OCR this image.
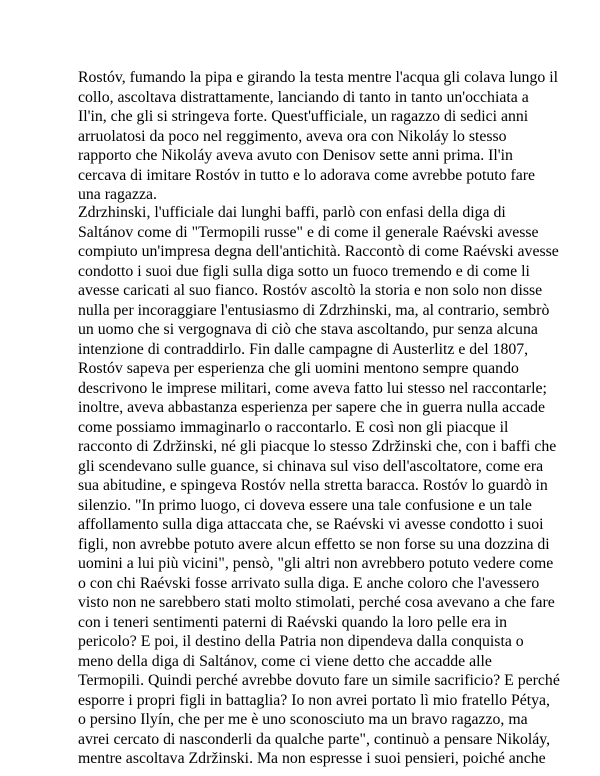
Rostóv, fumando la pipa e girando la testa mentre l'acqua gli colava lungo il
collo, ascoltava distrattamente, lanciando di tanto in tanto un'occhiata a
Il'in, che gli si stringeva forte. Quest'ufficiale, un ragazzo di sedici anni
arruolatosi da poco nel reggimento, aveva ora con Nikoláy lo stesso
rapporto che Nikoláy aveva avuto con Denisov sette anni prima. Il'in
cercava di imitare Rostóv in tutto e lo adorava come avrebbe potuto fare
una ragazza.
Zdrzhinski, l'ufficiale dai lunghi baffi, parlò con enfasi della diga di
Saltánov come di "Termopili russe" e di come il generale Raévski avesse
compiuto un'impresa degna dell'antichità. Raccontò di come Raévski avesse
condotto i suoi due figli sulla diga sotto un fuoco tremendo e di come li
avesse caricati al suo fianco. Rostóv ascoltò la storia e non solo non disse
nulla per incoraggiare l'entusiasmo di Zdrzhinski, ma, al contrario, sembrò
un uomo che si vergognava di ciò che stava ascoltando, pur senza alcuna
intenzione di contraddirlo. Fin dalle campagne di Austerlitz e del 1807,
Rostóv sapeva per esperienza che gli uomini mentono sempre quando
descrivono le imprese militari, come aveva fatto lui stesso nel raccontarle;
inoltre, aveva abbastanza esperienza per sapere che in guerra nulla accade
come possiamo immaginarlo o raccontarlo. E così non gli piacque il
racconto di Zdržinski, né gli piacque lo stesso Zdržinski che, con i baffi che
gli scendevano sulle guance, si chinava sul viso dell'ascoltatore, come era
sua abitudine, e spingeva Rostóv nella stretta baracca. Rostóv lo guardò in
silenzio. "In primo luogo, ci doveva essere una tale confusione e un tale
affollamento sulla diga attaccata che, se Raévski vi avesse condotto i suoi
figli, non avrebbe potuto avere alcun effetto se non forse su una dozzina di
uomini a lui più vicini", pensò, "gli altri non avrebbero potuto vedere come
o con chi Raévski fosse arrivato sulla diga. E anche coloro che l'avessero
visto non ne sarebbero stati molto stimolati, perché cosa avevano a che fare
con i teneri sentimenti paterni di Raévski quando la loro pelle era in
pericolo? E poi, il destino della Patria non dipendeva dalla conquista o
meno della diga di Saltánov, come ci viene detto che accadde alle
Termopili. Quindi perché avrebbe dovuto fare un simile sacrificio? E perché
esporre i propri figli in battaglia? Io non avrei portato lì mio fratello Pétya,
o persino Ilyín, che per me è uno sconosciuto ma un bravo ragazzo, ma
avrei cercato di nasconderli da qualche parte", continuò a pensare Nikoláy,
mentre ascoltava Zdržinski. Ma non espresse i suoi pensieri, poiché anche
